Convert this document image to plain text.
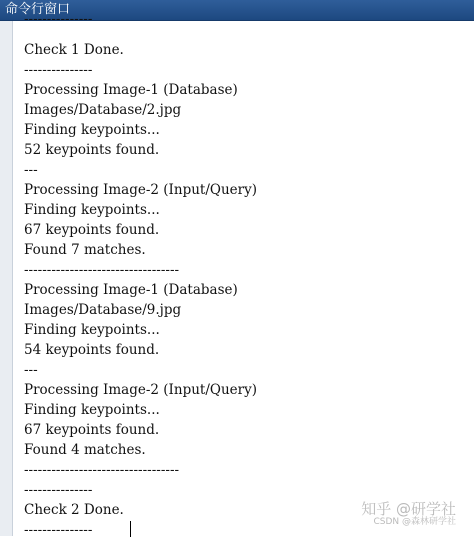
命令行窗口
---------------
Check 1 Done.
---------------
Processing Image-1 (Database)
Images/Database/2.jpg
Finding keypoints...
52 keypoints found.
---
Processing Image-2 (Input/Query)
Finding keypoints...
67 keypoints found.
Found 7 matches.
----------------------------------
Processing Image-1 (Database)
Images/Database/9.jpg
Finding keypoints...
54 keypoints found.
---
Processing Image-2 (Input/Query)
Finding keypoints...
67 keypoints found.
Found 4 matches.
----------------------------------
---------------
Check 2 Done.
---------------
知乎 @研学社
CSDN @森林研学社
